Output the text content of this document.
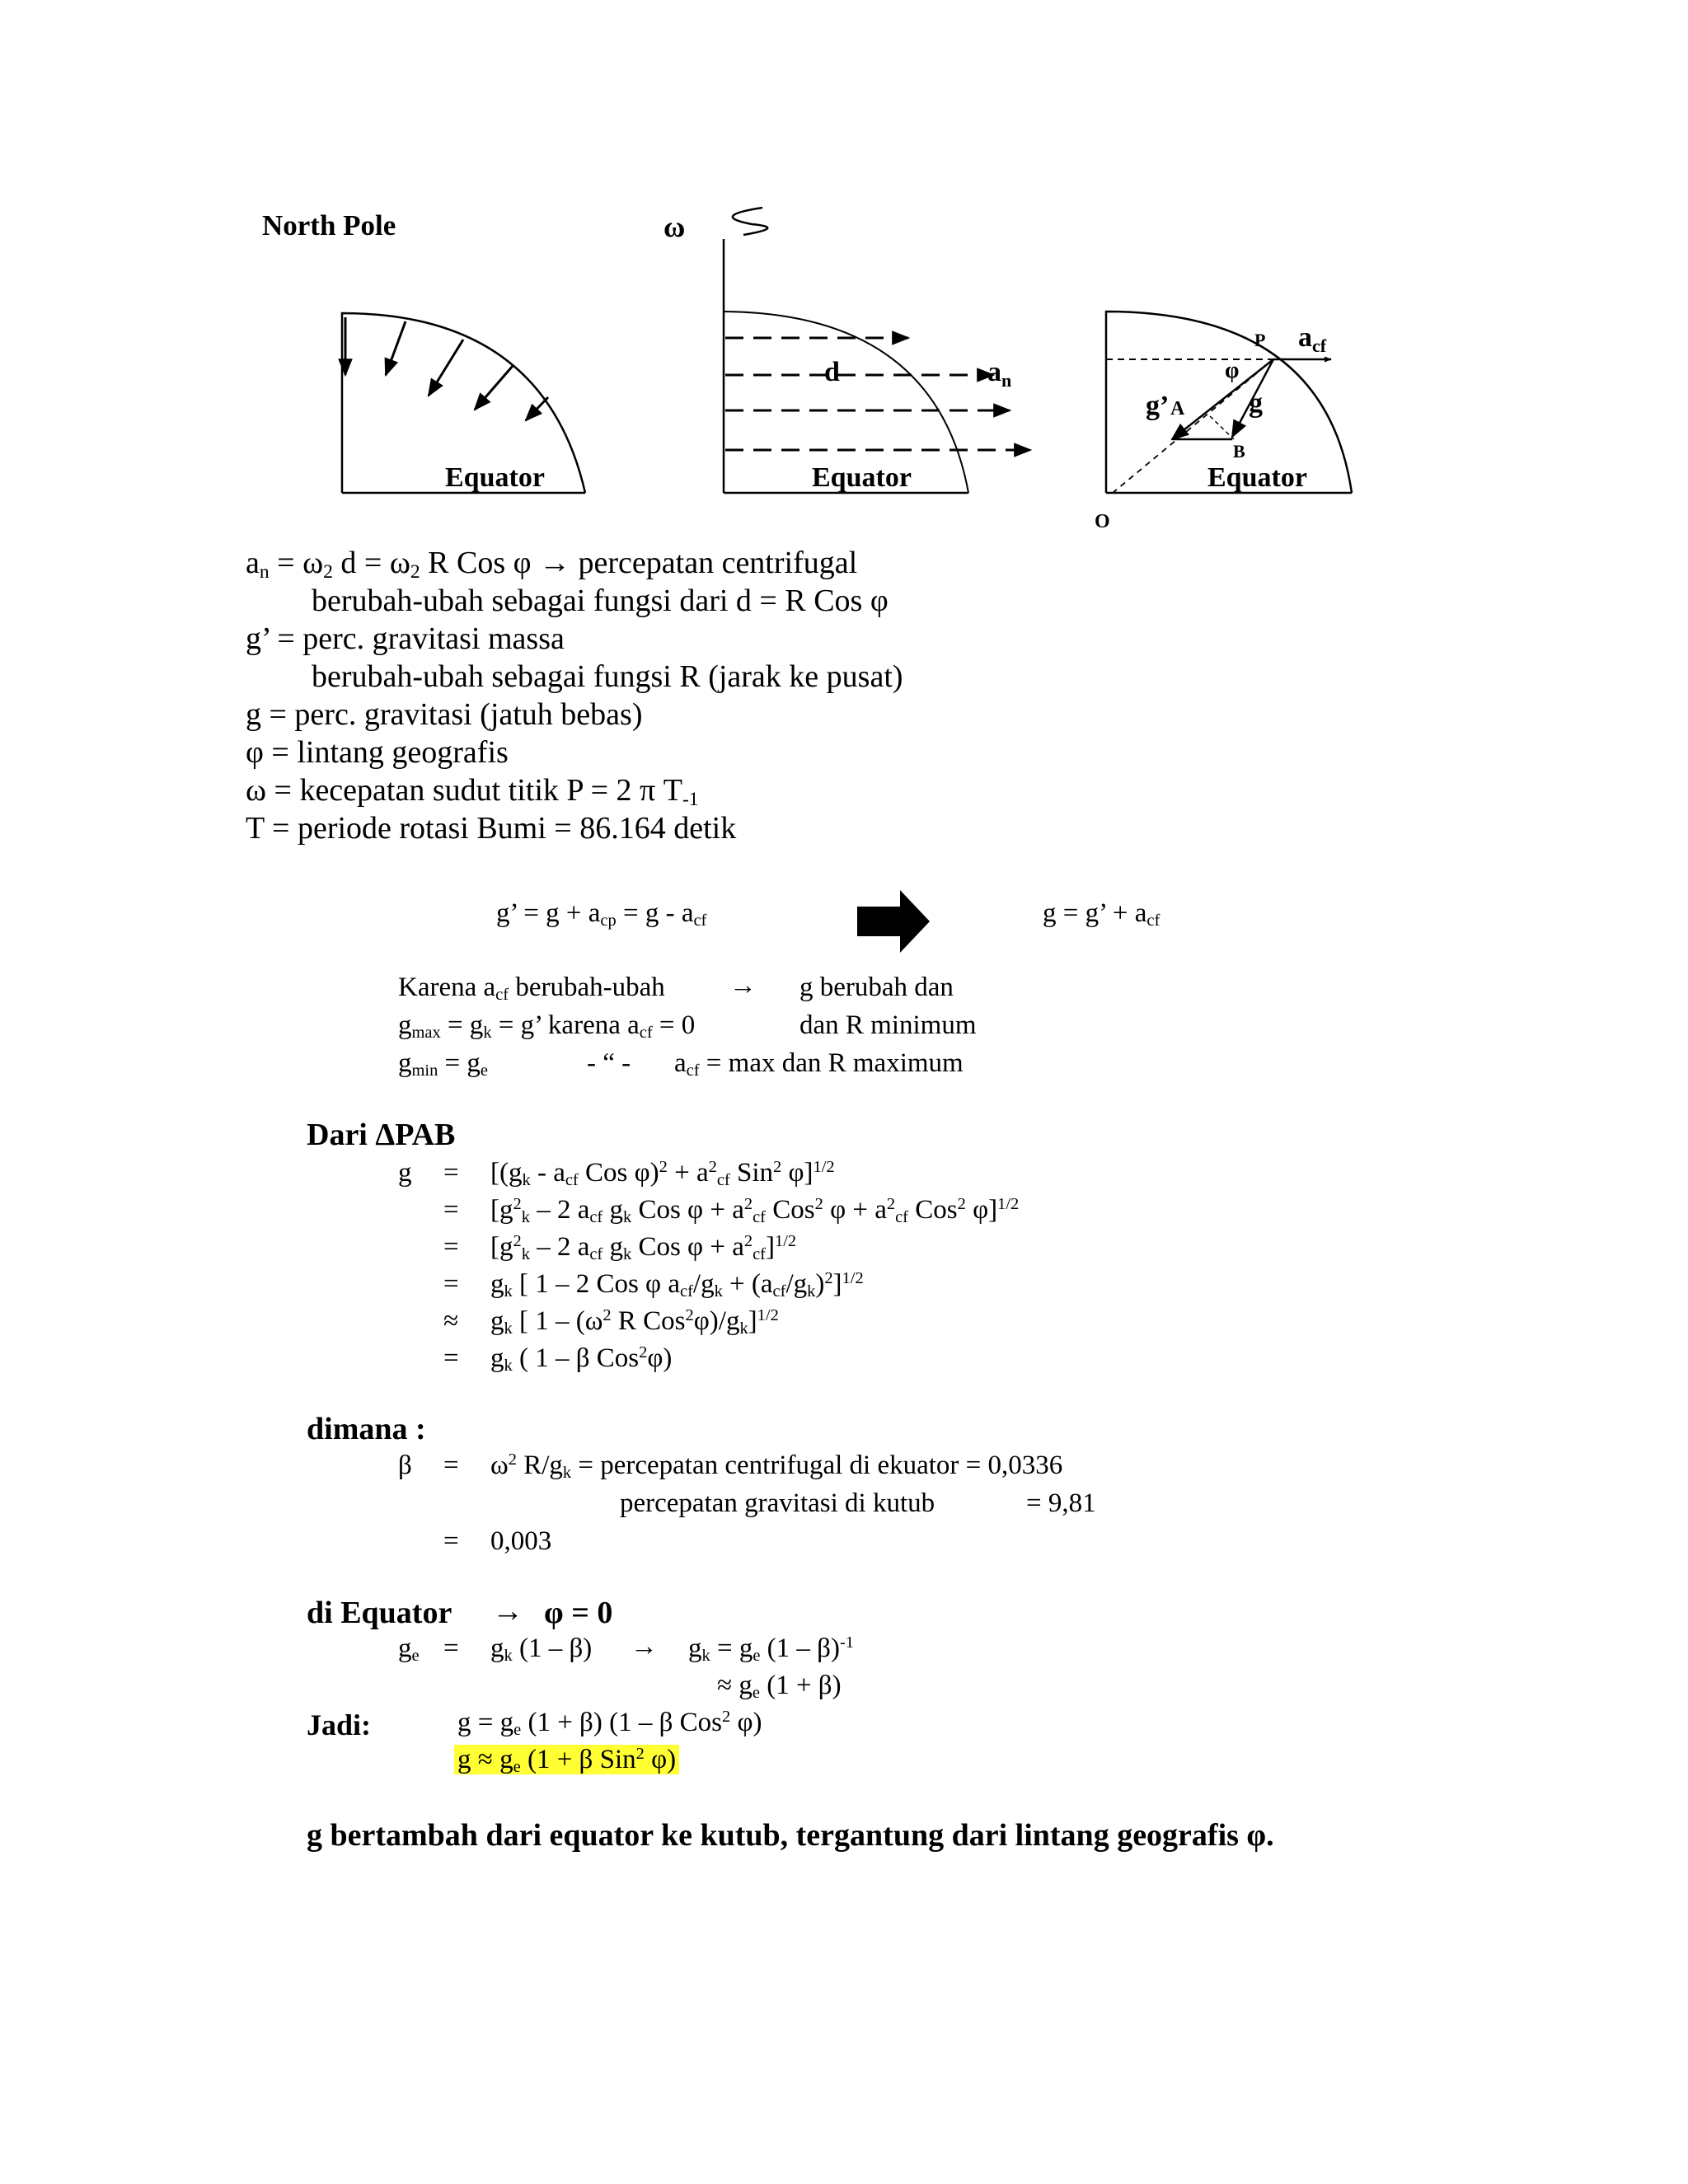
North Pole	ω
Equator	Equator	Equator
d	$a_n$
P $a_{cf}$
φ
g’ A g
B
O
$a_n = \omega_2$ $d = \omega_2$ R Cos φ → percepatan centrifugal
berubah-ubah sebagai fungsi dari d = R Cos φ
g’ = perc. gravitasi massa
berubah-ubah sebagai fungsi R (jarak ke pusat)
g = perc. gravitasi (jatuh bebas)
φ = lintang geografis
ω = kecepatan sudut titik P = 2 π $T_{-1}$
T = periode rotasi Bumi = 86.164 detik
g’ = $g + a_{cp} = g - a_{cf}$	g = g’ + $a_{cf}$
Karena $a_{cf}$ berubah-ubah → g berubah dan
$g_{max} = g_k = g$’ karena $a_{cf} = 0$	dan R minimum
$g_{min} = g_e$	- “ - $a_{cf} = \max$ dan R maximum
Dari ΔPAB
$g = [(g_k - a_{cf}$ Cos $\varphi)^2 + a^2_{cf}$ Sin$^2$ φ]$^{1/2}$
= [$g^2_k - 2$ $a_{cf}$ $g_k$ Cos $\varphi + a^2_{cf}$ Cos$^2$ $\varphi + a^2_{cf}$ Cos$^2$ φ]$^{1/2}$
= [$g^2_k - 2$ $a_{cf}$ $g_k$ Cos $\varphi + a^2_{cf}]^{1/2}$
= $g_k$ [ 1 – 2 Cos φ $a_{cf}/g_k + (a_{cf}/g_k)^2]^{1/2}$
≈ $g_k$ [ $1 - (\omega^2$ R $Cos^2\varphi)/g_k]^{1/2}$
= $g_k$ ( 1 – β Cos$^2$φ)
dimana :
$\beta = \omega^2$ $R/g_k$ = percepatan centrifugal di ekuator = 0,0336
percepatan gravitasi di kutub	= 9,81
= 0,003
di Equator → φ = 0
$g_e = g_k$ $(1 - \beta) \to g_k = g_e$ (1 – β)$^{-1}$
≈ $g_e$ (1 + β)
Jadi:	$g = g_e$ (1 + β) (1 – β Cos$^2$ φ)
$g \approx g_e$ (1 + β Sin$^2$ φ)
g bertambah dari equator ke kutub, tergantung dari lintang geografis φ.
